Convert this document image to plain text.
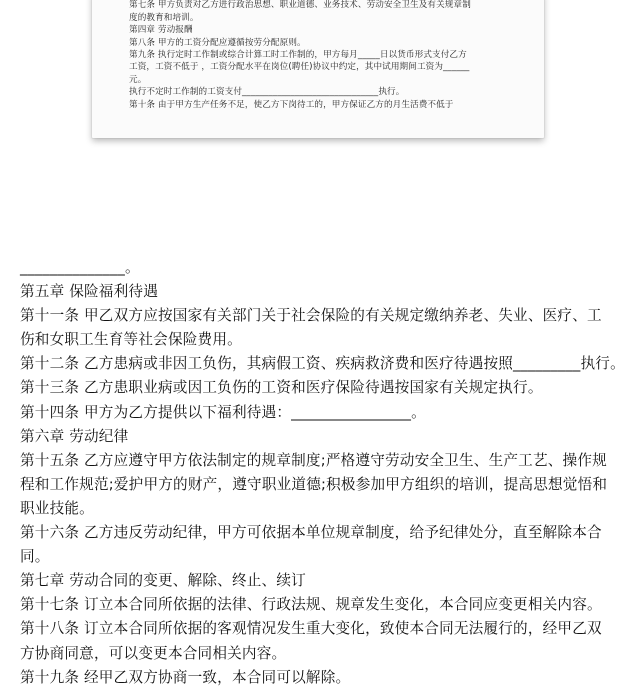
第七条 甲方负责对乙方进行政治思想、职业道德、业务技术、劳动安全卫生及有关规章制
度的教育和培训。
第四章 劳动报酬
第八条 甲方的工资分配应遵循按劳分配原则。
第九条 执行定时工作制或综合计算工时工作制的，甲方每月_____日以货币形式支付乙方
工资，工资不低于 ，工资分配水平在岗位(聘任)协议中约定，其中试用期间工资为______
元。
执行不定时工作制的工资支付_______________________________执行。
第十条 由于甲方生产任务不足，使乙方下岗待工的，甲方保证乙方的月生活费不低于
______________。
第五章 保险福利待遇
第十一条 甲乙双方应按国家有关部门关于社会保险的有关规定缴纳养老、失业、医疗、工
伤和女职工生育等社会保险费用。
第十二条 乙方患病或非因工负伤，其病假工资、疾病救济费和医疗待遇按照_________执行。
第十三条 乙方患职业病或因工负伤的工资和医疗保险待遇按国家有关规定执行。
第十四条 甲方为乙方提供以下福利待遇：________________。
第六章 劳动纪律
第十五条 乙方应遵守甲方依法制定的规章制度;严格遵守劳动安全卫生、生产工艺、操作规
程和工作规范;爱护甲方的财产，遵守职业道德;积极参加甲方组织的培训，提高思想觉悟和
职业技能。
第十六条 乙方违反劳动纪律，甲方可依据本单位规章制度，给予纪律处分，直至解除本合
同。
第七章 劳动合同的变更、解除、终止、续订
第十七条 订立本合同所依据的法律、行政法规、规章发生变化，本合同应变更相关内容。
第十八条 订立本合同所依据的客观情况发生重大变化，致使本合同无法履行的，经甲乙双
方协商同意，可以变更本合同相关内容。
第十九条 经甲乙双方协商一致，本合同可以解除。
